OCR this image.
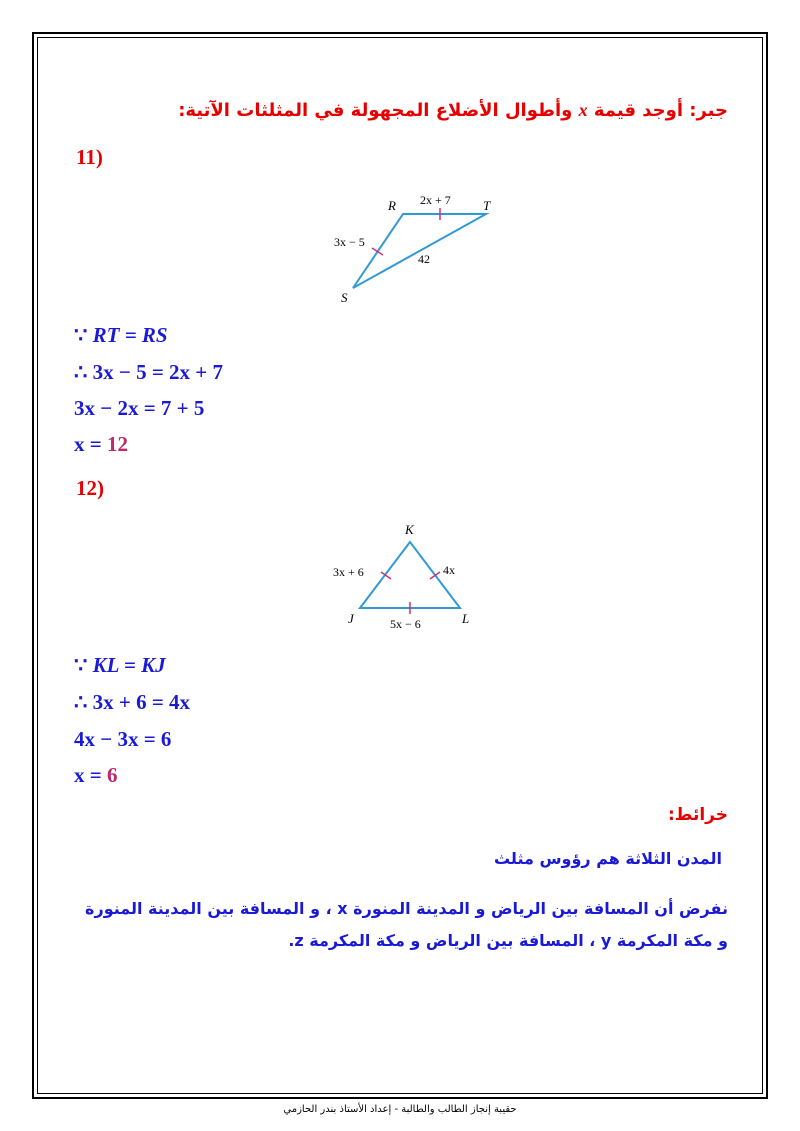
جبر: أوجد قيمة x وأطوال الأضلاع المجهولة في المثلثات الآتية:
11)
R	T
S
2x + 7
3x − 5
42
∵ RT = RS
∴ 3x − 5 = 2x + 7
3x − 2x = 7 + 5
x = 12
12)
K
J	L
3x + 6	4x
5x − 6
∵ KL = KJ
∴ 3x + 6 = 4x
4x − 3x = 6
x = 6
خرائط:
المدن الثلاثة هم رؤوس مثلث
نفرض أن المسافة بين الرياض و المدينة المنورة x ، و المسافة بين المدينة المنورة
و مكة المكرمة y ، المسافة بين الرياض و مكة المكرمة z.
حقيبة إنجاز الطالب والطالبة - إعداد الأستاذ بندر الحازمي
